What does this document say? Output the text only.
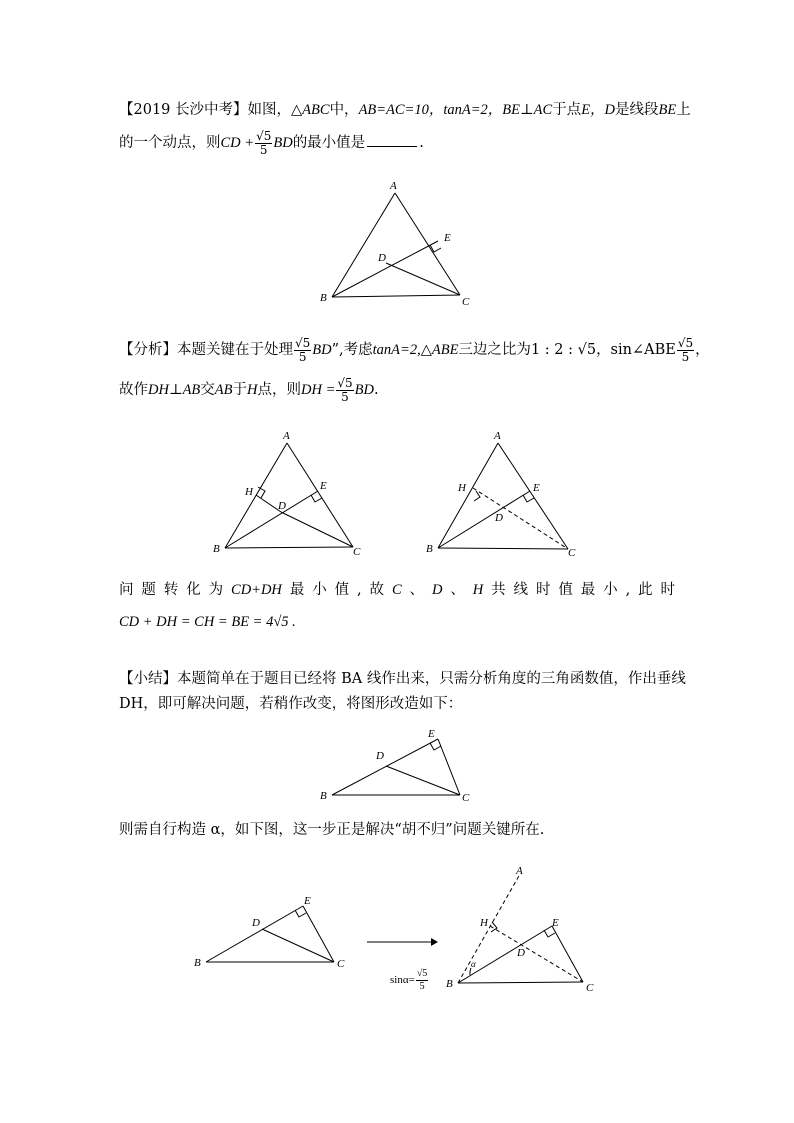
【2019 长沙中考】如图，△ABC中，AB=AC=10，tanA=2，BE⊥AC于点E，D是线段BE上
的一个动点，则CD + $\frac{√5}{5}$ BD的最小值是	.
A
B	C
D
E
【分析】本题关键在于处理 $\frac{√5}{5}$ BD”,考虑tanA=2,△ABE三边之比为1 : 2 : √5，sin∠ABE $\frac{√5}{5}$ ，
故作DH⊥AB交AB于H点，则DH = $\frac{√5}{5}$ BD.
A
H	E
D
B	C
A
H	E
D
B	C
问 题 转 化 为 CD+DH 最 小 值 , 故 C 、 D 、 H 共 线 时 值 最 小 , 此 时
CD + DH = CH = BE = 4√5 .
【小结】本题简单在于题目已经将 BA 线作出来，只需分析角度的三角函数值，作出垂线
DH，即可解决问题，若稍作改变，将图形改造如下：
E
D
B	C
则需自行构造 α，如下图，这一步正是解决“胡不归”问题关键所在.
E
D
B	C
A
H	E
D
α
B	C
$\sin\alpha= \frac{√5}{5}$
